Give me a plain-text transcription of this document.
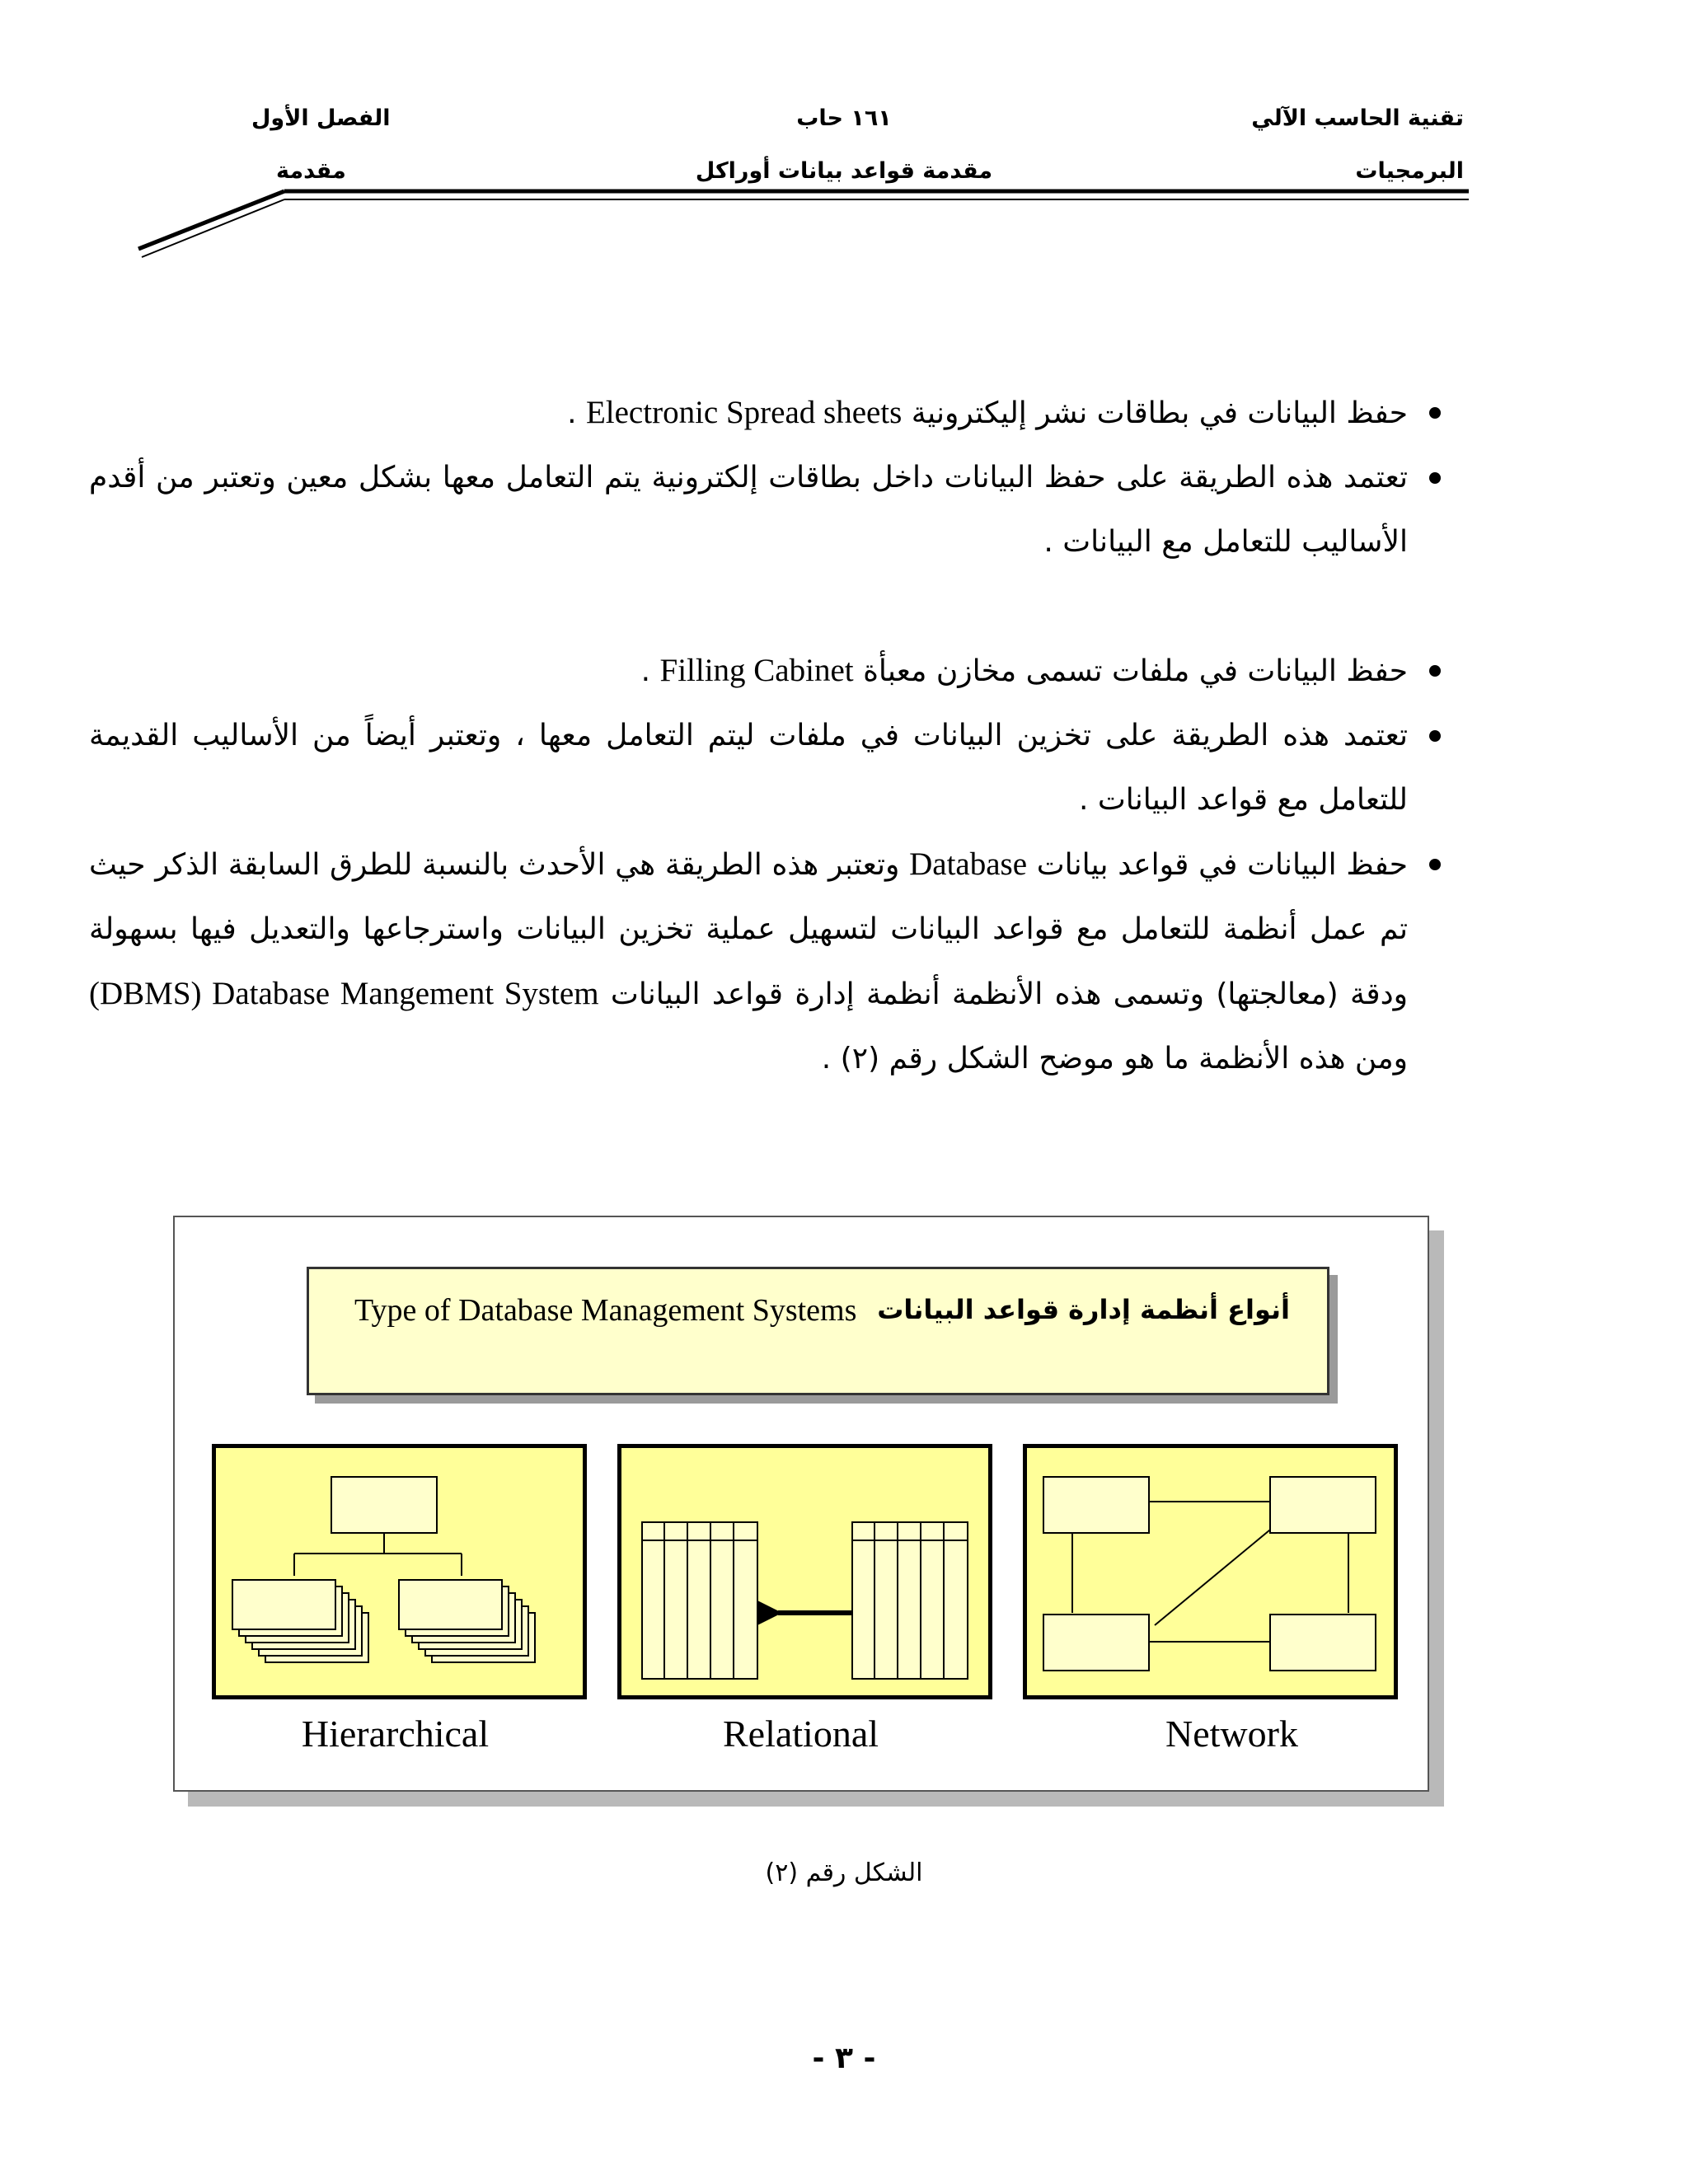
تقنية الحاسب الآلي
١٦١ حاب
الفصل الأول
البرمجيات
مقدمة قواعد بيانات أوراكل
مقدمة
حفظ البيانات في بطاقات نشر إليكترونية Electronic Spread sheets .
تعتمد هذه الطريقة على حفظ البيانات داخل بطاقات إلكترونية يتم التعامل معها بشكل معين وتعتبر من أقدم الأساليب للتعامل مع البيانات .
حفظ البيانات في ملفات تسمى مخازن معبأة Filling Cabinet .
تعتمد هذه الطريقة على تخزين البيانات في ملفات ليتم التعامل معها ، وتعتبر أيضاً من الأساليب القديمة للتعامل مع قواعد البيانات .
حفظ البيانات في قواعد بيانات Database وتعتبر هذه الطريقة هي الأحدث بالنسبة للطرق السابقة الذكر حيث تم عمل أنظمة للتعامل مع قواعد البيانات لتسهيل عملية تخزين البيانات واسترجاعها والتعديل فيها بسهولة ودقة (معالجتها) وتسمى هذه الأنظمة أنظمة إدارة قواعد البيانات (DBMS) Database Mangement System ومن هذه الأنظمة ما هو موضح الشكل رقم (٢) .
Type of Database Management Systems أنواع أنظمة إدارة قواعد البيانات
Hierarchical	Relational	Network
الشكل رقم (٢)
- ٣ -
